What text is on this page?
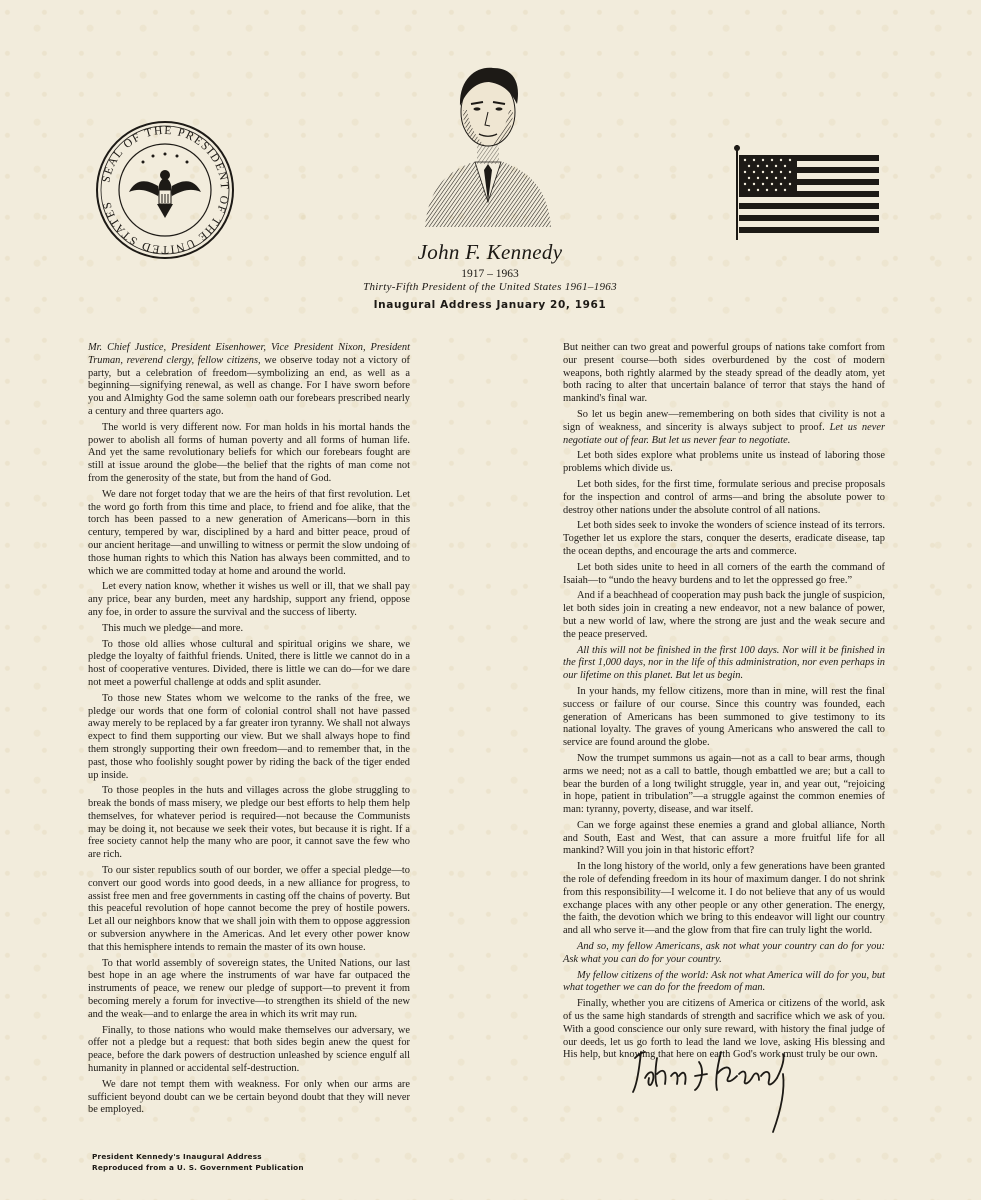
SEAL OF THE PRESIDENT OF THE UNITED STATES

John F. Kennedy

1917 – 1963

Thirty-Fifth President of the United States 1961–1963

Inaugural Address January 20, 1961

Mr. Chief Justice, President Eisenhower, Vice President Nixon, President Truman, reverend clergy, fellow citizens, we observe today not a victory of party, but a celebration of freedom—symbolizing an end, as well as a beginning—signifying renewal, as well as change. For I have sworn before you and Almighty God the same solemn oath our forebears prescribed nearly a century and three quarters ago.

The world is very different now. For man holds in his mortal hands the power to abolish all forms of human poverty and all forms of human life. And yet the same revolutionary beliefs for which our forebears fought are still at issue around the globe—the belief that the rights of man come not from the generosity of the state, but from the hand of God.

We dare not forget today that we are the heirs of that first revolution. Let the word go forth from this time and place, to friend and foe alike, that the torch has been passed to a new generation of Americans—born in this century, tempered by war, disciplined by a hard and bitter peace, proud of our ancient heritage—and unwilling to witness or permit the slow undoing of those human rights to which this Nation has always been committed, and to which we are committed today at home and around the world.

Let every nation know, whether it wishes us well or ill, that we shall pay any price, bear any burden, meet any hardship, support any friend, oppose any foe, in order to assure the survival and the success of liberty.

This much we pledge—and more.

To those old allies whose cultural and spiritual origins we share, we pledge the loyalty of faithful friends. United, there is little we cannot do in a host of cooperative ventures. Divided, there is little we can do—for we dare not meet a powerful challenge at odds and split asunder.

To those new States whom we welcome to the ranks of the free, we pledge our words that one form of colonial control shall not have passed away merely to be replaced by a far greater iron tyranny. We shall not always expect to find them supporting our view. But we shall always hope to find them strongly supporting their own freedom—and to remember that, in the past, those who foolishly sought power by riding the back of the tiger ended up inside.

To those peoples in the huts and villages across the globe struggling to break the bonds of mass misery, we pledge our best efforts to help them help themselves, for whatever period is required—not because the Communists may be doing it, not because we seek their votes, but because it is right. If a free society cannot help the many who are poor, it cannot save the few who are rich.

To our sister republics south of our border, we offer a special pledge—to convert our good words into good deeds, in a new alliance for progress, to assist free men and free governments in casting off the chains of poverty. But this peaceful revolution of hope cannot become the prey of hostile powers. Let all our neighbors know that we shall join with them to oppose aggression or subversion anywhere in the Americas. And let every other power know that this hemisphere intends to remain the master of its own house.

To that world assembly of sovereign states, the United Nations, our last best hope in an age where the instruments of war have far outpaced the instruments of peace, we renew our pledge of support—to prevent it from becoming merely a forum for invective—to strengthen its shield of the new and the weak—and to enlarge the area in which its writ may run.

Finally, to those nations who would make themselves our adversary, we offer not a pledge but a request: that both sides begin anew the quest for peace, before the dark powers of destruction unleashed by science engulf all humanity in planned or accidental self-destruction.

We dare not tempt them with weakness. For only when our arms are sufficient beyond doubt can we be certain beyond doubt that they will never be employed.

But neither can two great and powerful groups of nations take comfort from our present course—both sides overburdened by the cost of modern weapons, both rightly alarmed by the steady spread of the deadly atom, yet both racing to alter that uncertain balance of terror that stays the hand of mankind's final war.

So let us begin anew—remembering on both sides that civility is not a sign of weakness, and sincerity is always subject to proof. Let us never negotiate out of fear. But let us never fear to negotiate.

Let both sides explore what problems unite us instead of laboring those problems which divide us.

Let both sides, for the first time, formulate serious and precise proposals for the inspection and control of arms—and bring the absolute power to destroy other nations under the absolute control of all nations.

Let both sides seek to invoke the wonders of science instead of its terrors. Together let us explore the stars, conquer the deserts, eradicate disease, tap the ocean depths, and encourage the arts and commerce.

Let both sides unite to heed in all corners of the earth the command of Isaiah—to “undo the heavy burdens and to let the oppressed go free.”

And if a beachhead of cooperation may push back the jungle of suspicion, let both sides join in creating a new endeavor, not a new balance of power, but a new world of law, where the strong are just and the weak secure and the peace preserved.

All this will not be finished in the first 100 days. Nor will it be finished in the first 1,000 days, nor in the life of this administration, nor even perhaps in our lifetime on this planet. But let us begin.

In your hands, my fellow citizens, more than in mine, will rest the final success or failure of our course. Since this country was founded, each generation of Americans has been summoned to give testimony to its national loyalty. The graves of young Americans who answered the call to service are found around the globe.

Now the trumpet summons us again—not as a call to bear arms, though arms we need; not as a call to battle, though embattled we are; but a call to bear the burden of a long twilight struggle, year in, and year out, “rejoicing in hope, patient in tribulation”—a struggle against the common enemies of man: tyranny, poverty, disease, and war itself.

Can we forge against these enemies a grand and global alliance, North and South, East and West, that can assure a more fruitful life for all mankind? Will you join in that historic effort?

In the long history of the world, only a few generations have been granted the role of defending freedom in its hour of maximum danger. I do not shrink from this responsibility—I welcome it. I do not believe that any of us would exchange places with any other people or any other generation. The energy, the faith, the devotion which we bring to this endeavor will light our country and all who serve it—and the glow from that fire can truly light the world.

And so, my fellow Americans, ask not what your country can do for you: Ask what you can do for your country.

My fellow citizens of the world: Ask not what America will do for you, but what together we can do for the freedom of man.

Finally, whether you are citizens of America or citizens of the world, ask of us the same high standards of strength and sacrifice which we ask of you. With a good conscience our only sure reward, with history the final judge of our deeds, let us go forth to lead the land we love, asking His blessing and His help, but knowing that here on earth God's work must truly be our own.

President Kennedy's Inaugural Address
Reproduced from a U. S. Government Publication
